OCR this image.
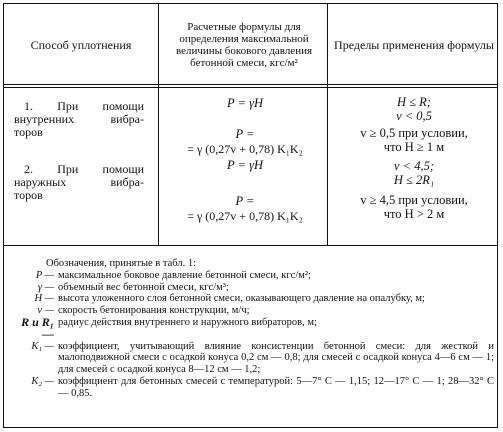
Способ уплотнения
Расчетные формулы для определения максимальной величины бокового давления бетонной смеси, кгс/м²
Пределы применения формулы
1. При помощи
внутренних вибра-
торов
2. При помощи
наружных вибра-
торов
P = γH
P =
= γ (0,27v + 0,78) K₁K₂
P = γH
P =
= γ (0,27v + 0,78) K₁K₂
H ≤ R;
v < 0,5
v ≥ 0,5 при условии,
что H ≥ 1 м
v < 4,5;
H ≤ 2R₁
v ≥ 4,5 при условии,
что H > 2 м
Обозначения, принятые в табл. 1:
P — максимальное боковое давление бетонной смеси, кгс/м²;
γ — объемный вес бетонной смеси, кгс/м³;
H — высота уложенного слоя бетонной смеси, оказывающего давление на опалубку, м;
v — скорость бетонирования конструкции, м/ч;
R и R₁ —
радиус действия внутреннего и наружного вибраторов, м;
K₁ — коэффициент, учитывающий влияние консистенции бетонной смеси: для жесткой и малоподвижной смеси с осадкой конуса 0,2 см — 0,8; для смесей с осадкой конуса 4—6 см — 1; для смесей с осадкой конуса 8—12 см — 1,2;
K₂ — коэффициент для бетонных смесей с температурой: 5—7° С — 1,15; 12—17° С — 1; 28—32° С — 0,85.
